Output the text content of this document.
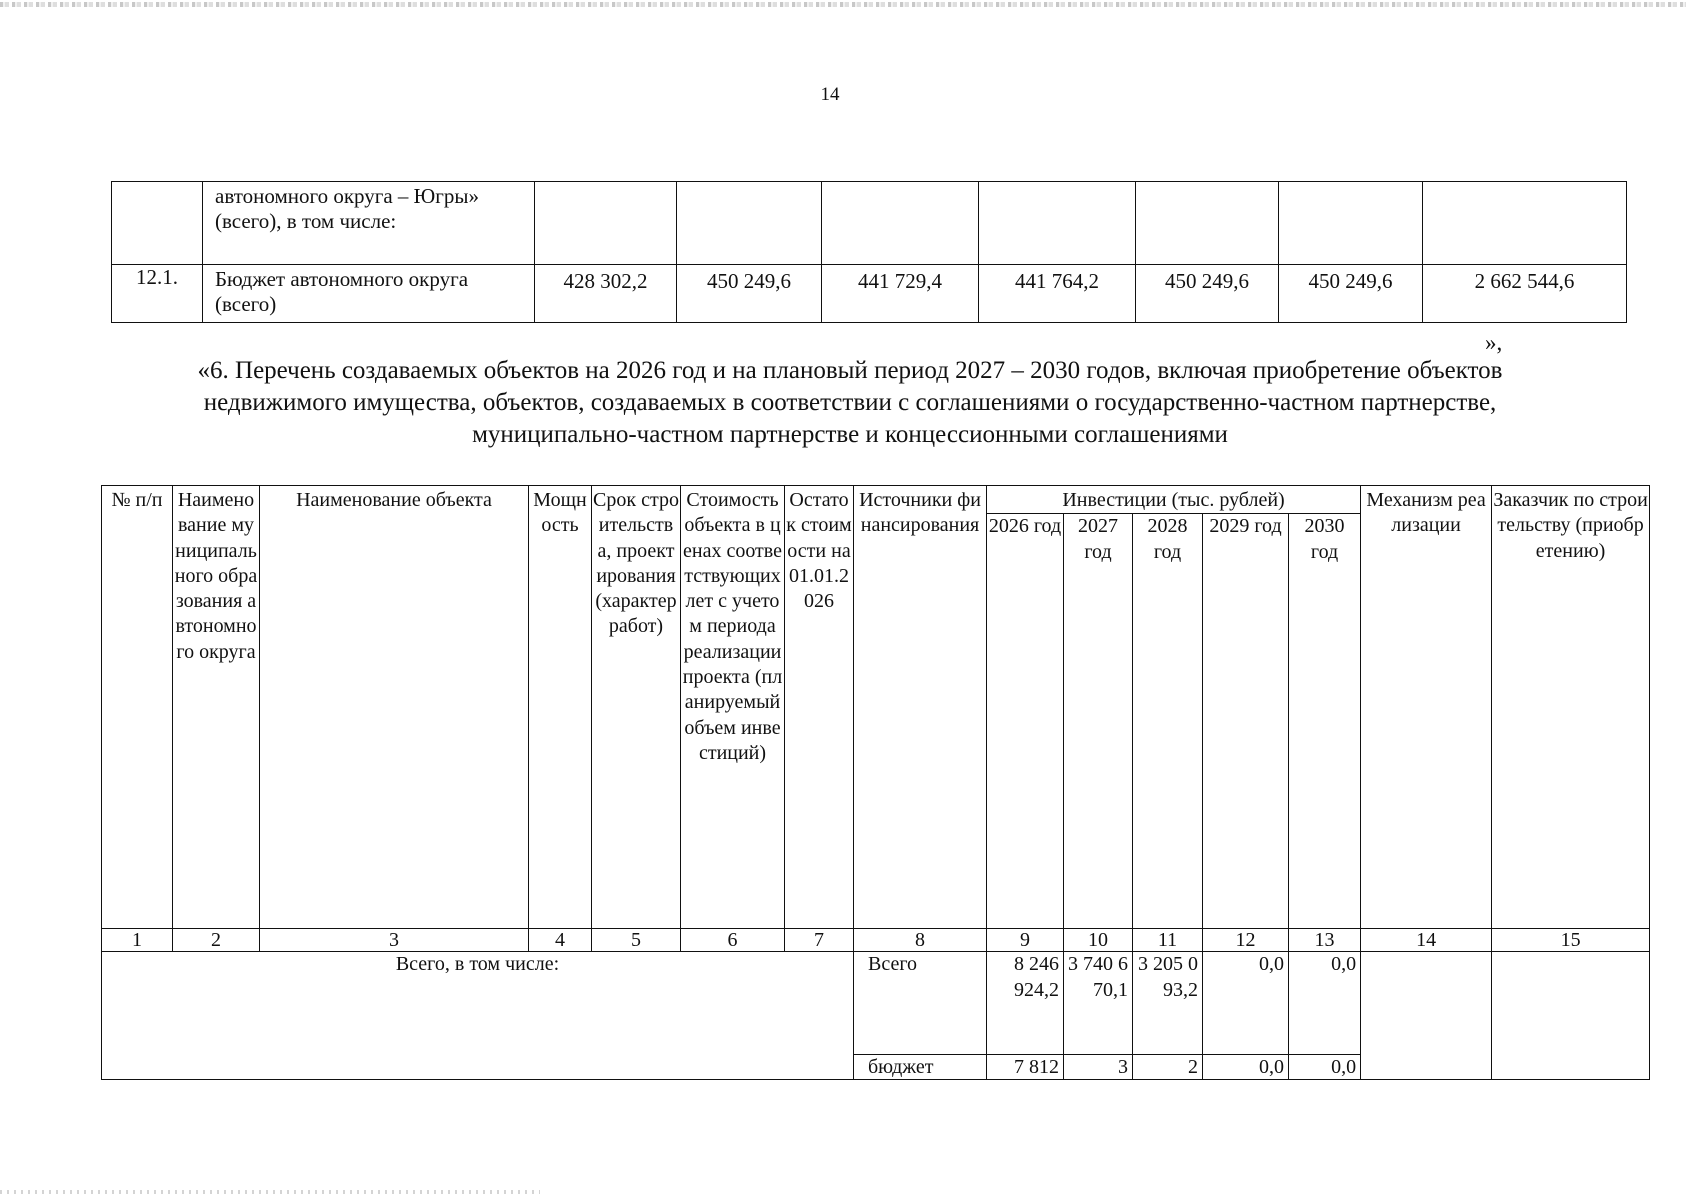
14
	автономного округа – Югры» (всего), в том числе:							
12.1.	Бюджет автономного округа (всего)	428 302,2	450 249,6	441 729,4	441 764,2	450 249,6	450 249,6	2 662 544,6
»,
«6. Перечень создаваемых объектов на 2026 год и на плановый период 2027 – 2030 годов, включая приобретение объектов недвижимого имущества, объектов, создаваемых в соответствии с соглашениями о государственно-частном партнерстве, муниципально-частном партнерстве и концессионными соглашениями
№ п/п	Наименование муниципального образования автономного округа	Наименование объекта	Мощность	Срок строительства, проектирования (характер работ)	Стоимость объекта в ценах соответствующих лет с учетом периода реализации проекта (планируемый объем инвестиций)	Остаток стоимости на 01.01.2026	Источники финансирования	Инвестиции (тыс. рублей)					Механизм реализации	Заказчик по строительству (приобретению)
								2026 год	2027 год	2028 год	2029 год	2030 год		
1	2	3	4	5	6	7	8	9	10	11	12	13	14	15
Всего, в том числе:							Всего	8 246 924,2	3 740 670,1	3 205 093,2	0,0	0,0		
							бюджет	7 812	3	2	0,0	0,0		
